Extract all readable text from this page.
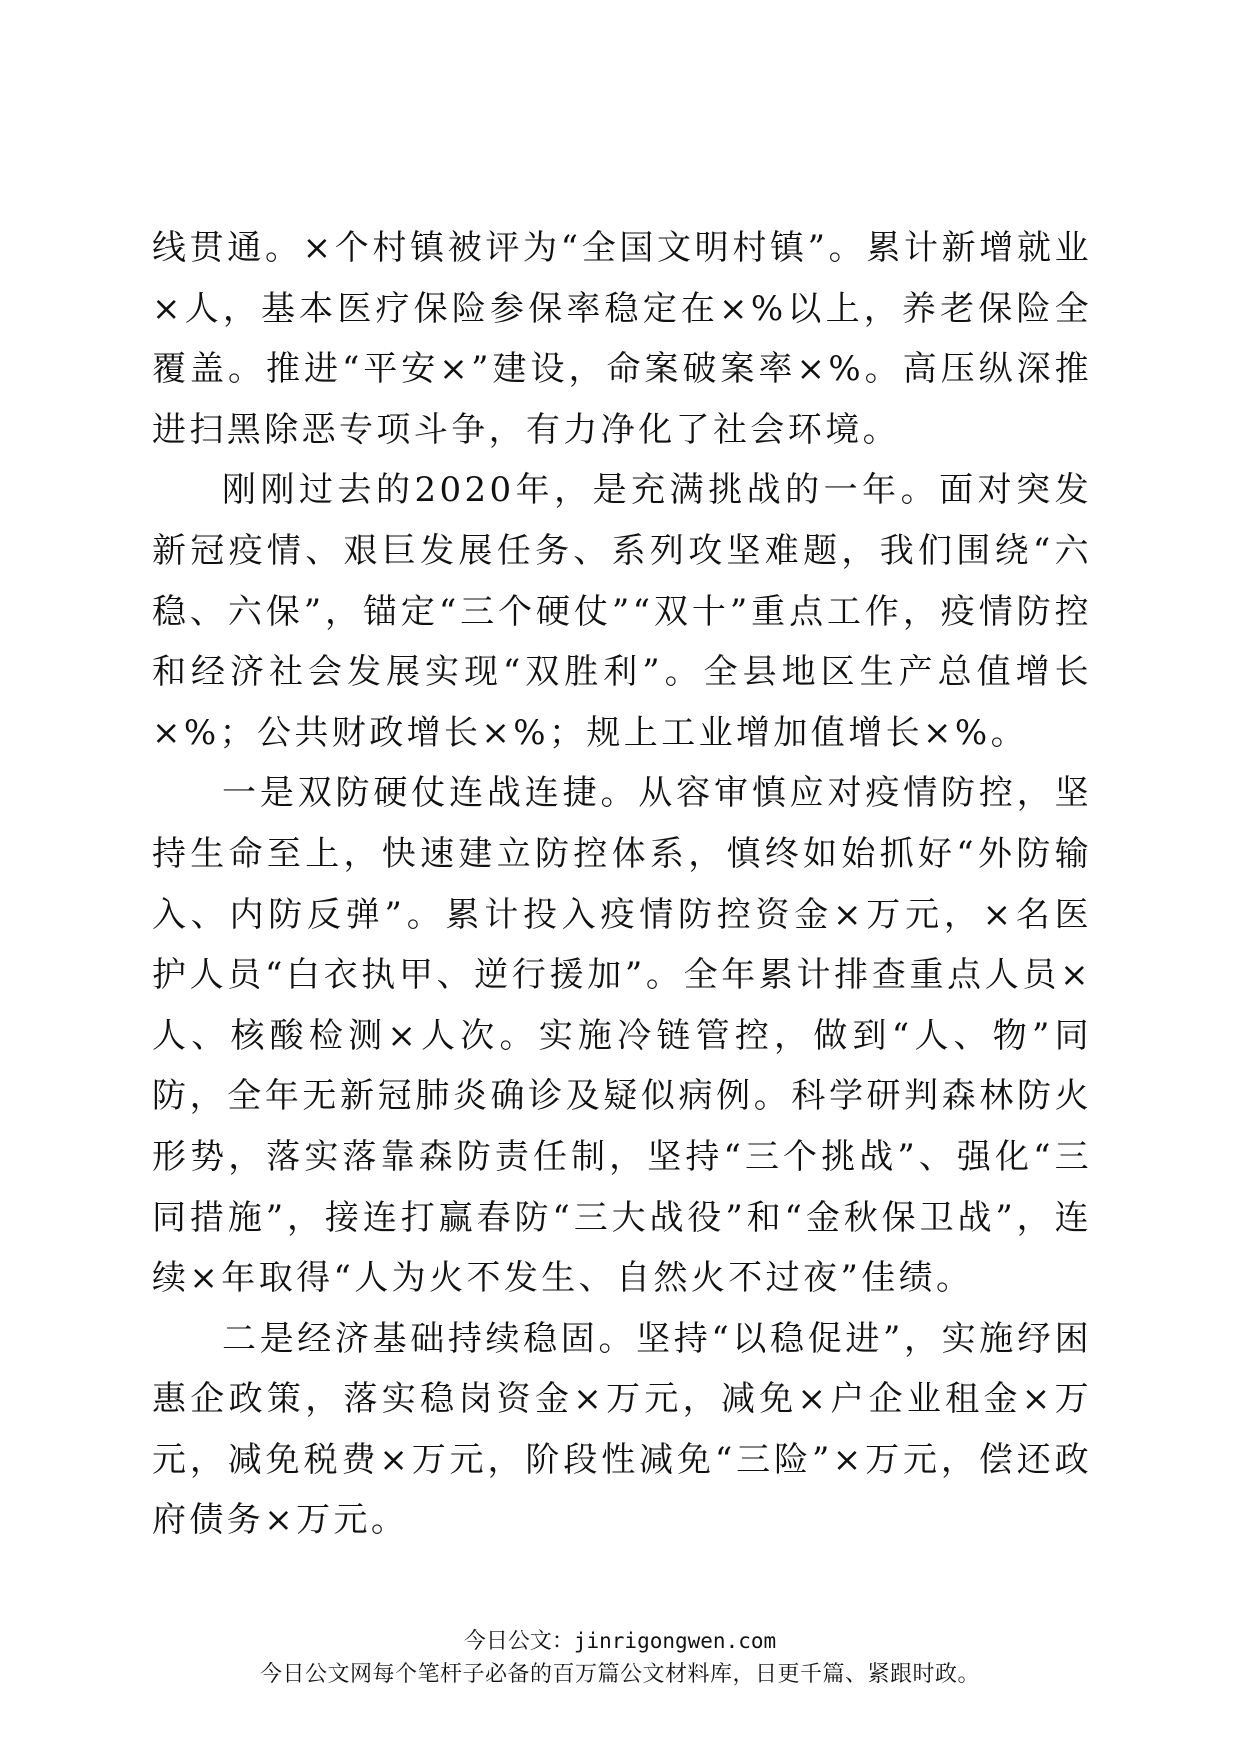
线贯通。×个村镇被评为“全国文明村镇”。累计新增就业×人，基本医疗保险参保率稳定在×%以上，养老保险全覆盖。推进“平安×”建设，命案破案率×%。高压纵深推进扫黑除恶专项斗争，有力净化了社会环境。

刚刚过去的2020年，是充满挑战的一年。面对突发新冠疫情、艰巨发展任务、系列攻坚难题，我们围绕“六稳、六保”，锚定“三个硬仗”“双十”重点工作，疫情防控和经济社会发展实现“双胜利”。全县地区生产总值增长×%；公共财政增长×%；规上工业增加值增长×%。

一是双防硬仗连战连捷。从容审慎应对疫情防控，坚持生命至上，快速建立防控体系，慎终如始抓好“外防输入、内防反弹”。累计投入疫情防控资金×万元，×名医护人员“白衣执甲、逆行援加”。全年累计排查重点人员×人、核酸检测×人次。实施冷链管控，做到“人、物”同防，全年无新冠肺炎确诊及疑似病例。科学研判森林防火形势，落实落靠森防责任制，坚持“三个挑战”、强化“三同措施”，接连打赢春防“三大战役”和“金秋保卫战”，连续×年取得“人为火不发生、自然火不过夜”佳绩。

二是经济基础持续稳固。坚持“以稳促进”，实施纾困惠企政策，落实稳岗资金×万元，减免×户企业租金×万元，减免税费×万元，阶段性减免“三险”×万元，偿还政府债务×万元。

今日公文：jinrigongwen.com
今日公文网每个笔杆子必备的百万篇公文材料库，日更千篇、紧跟时政。
